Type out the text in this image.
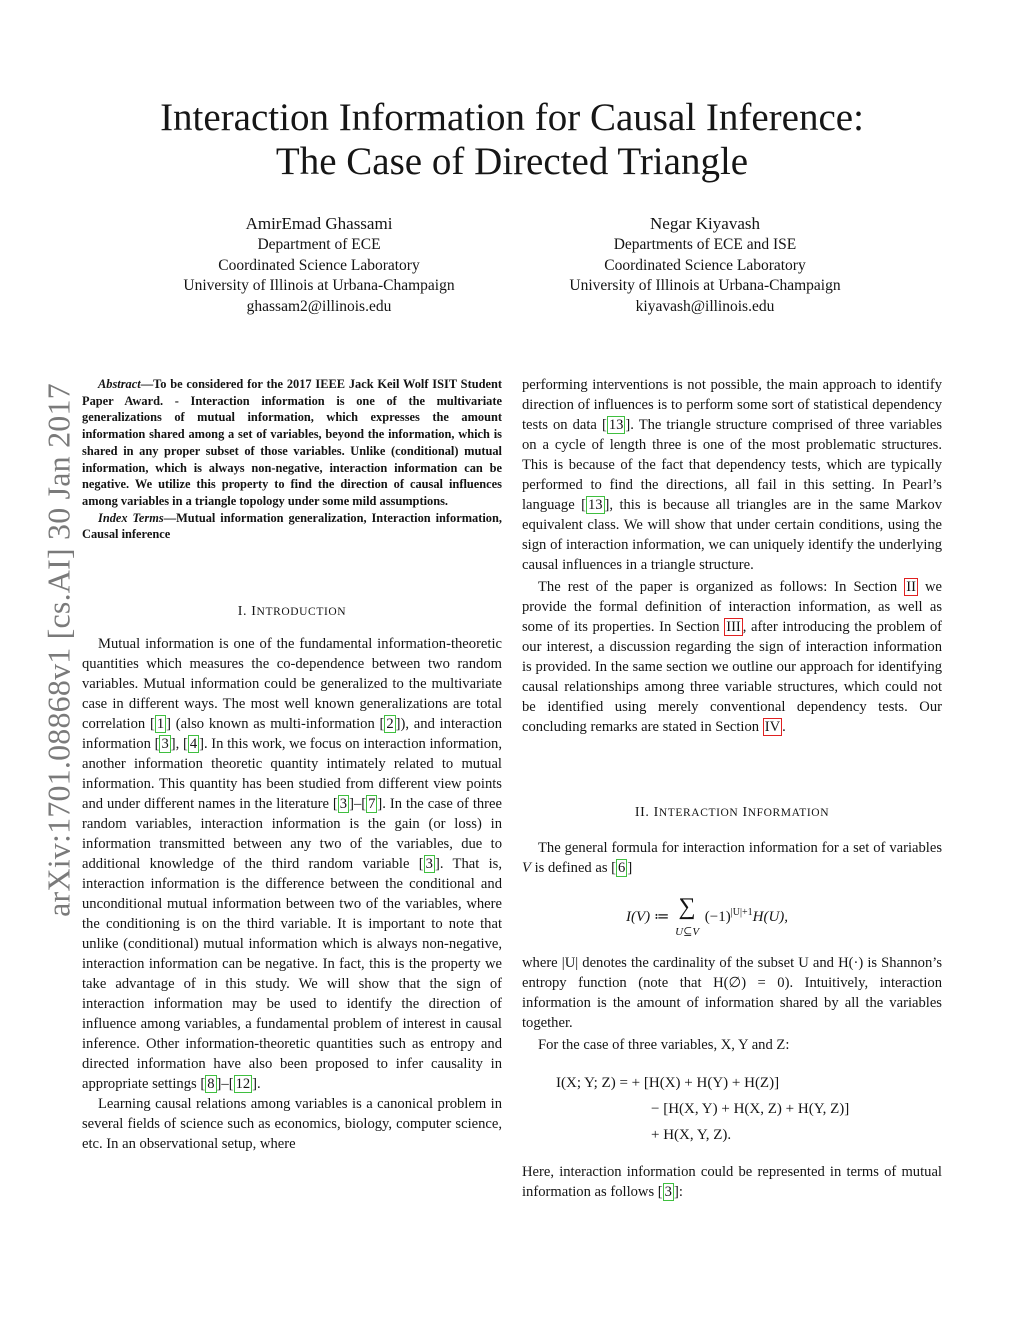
arXiv:1701.08868v1 [cs.AI] 30 Jan 2017
Interaction Information for Causal Inference:
The Case of Directed Triangle
AmirEmad Ghassami
Department of ECE
Coordinated Science Laboratory
University of Illinois at Urbana-Champaign
ghassam2@illinois.edu
Negar Kiyavash
Departments of ECE and ISE
Coordinated Science Laboratory
University of Illinois at Urbana-Champaign
kiyavash@illinois.edu

Abstract—To be considered for the 2017 IEEE Jack Keil Wolf ISIT Student Paper Award. - Interaction information is one of the multivariate generalizations of mutual information, which expresses the amount information shared among a set of variables, beyond the information, which is shared in any proper subset of those variables. Unlike (conditional) mutual information, which is always non-negative, interaction information can be negative. We utilize this property to find the direction of causal influences among variables in a triangle topology under some mild assumptions.

Index Terms—Mutual information generalization, Interaction information, Causal inference

I. INTRODUCTION

Mutual information is one of the fundamental information-theoretic quantities which measures the co-dependence between two random variables. Mutual information could be generalized to the multivariate case in different ways. The most well known generalizations are total correlation [ 1 ] (also known as multi-information [ 2 ]), and interaction information [ 3 ], [ 4 ]. In this work, we focus on interaction information, another information theoretic quantity intimately related to mutual information. This quantity has been studied from different view points and under different names in the literature [ 3 ]–[ 7 ]. In the case of three random variables, interaction information is the gain (or loss) in information transmitted between any two of the variables, due to additional knowledge of the third random variable [ 3 ]. That is, interaction information is the difference between the conditional and unconditional mutual information between two of the variables, where the conditioning is on the third variable. It is important to note that unlike (conditional) mutual information which is always non-negative, interaction information can be negative. In fact, this is the property we take advantage of in this study. We will show that the sign of interaction information may be used to identify the direction of influence among variables, a fundamental problem of interest in causal inference. Other information-theoretic quantities such as entropy and directed information have also been proposed to infer causality in appropriate settings [ 8 ]–[ 12 ].

Learning causal relations among variables is a canonical problem in several fields of science such as economics, biology, computer science, etc. In an observational setup, where

performing interventions is not possible, the main approach to identify direction of influences is to perform some sort of statistical dependency tests on data [ 13 ]. The triangle structure comprised of three variables on a cycle of length three is one of the most problematic structures. This is because of the fact that dependency tests, which are typically performed to find the directions, all fail in this setting. In Pearl’s language [ 13 ], this is because all triangles are in the same Markov equivalent class. We will show that under certain conditions, using the sign of interaction information, we can uniquely identify the underlying causal influences in a triangle structure.

The rest of the paper is organized as follows: In Section II we provide the formal definition of interaction information, as well as some of its properties. In Section III , after introducing the problem of our interest, a discussion regarding the sign of interaction information is provided. In the same section we outline our approach for identifying causal relationships among three variable structures, which could not be identified using merely conventional dependency tests. Our concluding remarks are stated in Section IV .

II. INTERACTION INFORMATION

The general formula for interaction information for a set of variables V is defined as [ 6 ]

I(V) ≔ ∑
U⊆V $(-1)^{|U|+1}H(U)$,

where |U| denotes the cardinality of the subset U and H(·) is Shannon’s entropy function (note that H(∅) = 0). Intuitively, interaction information is the amount of information shared by all the variables together.

For the case of three variables, X, Y and Z:

I(X; Y; Z) = + [H(X) + H(Y) + H(Z)]
− [H(X, Y) + H(X, Z) + H(Y, Z)]
+ H(X, Y, Z).

Here, interaction information could be represented in terms of mutual information as follows [ 3 ]:
